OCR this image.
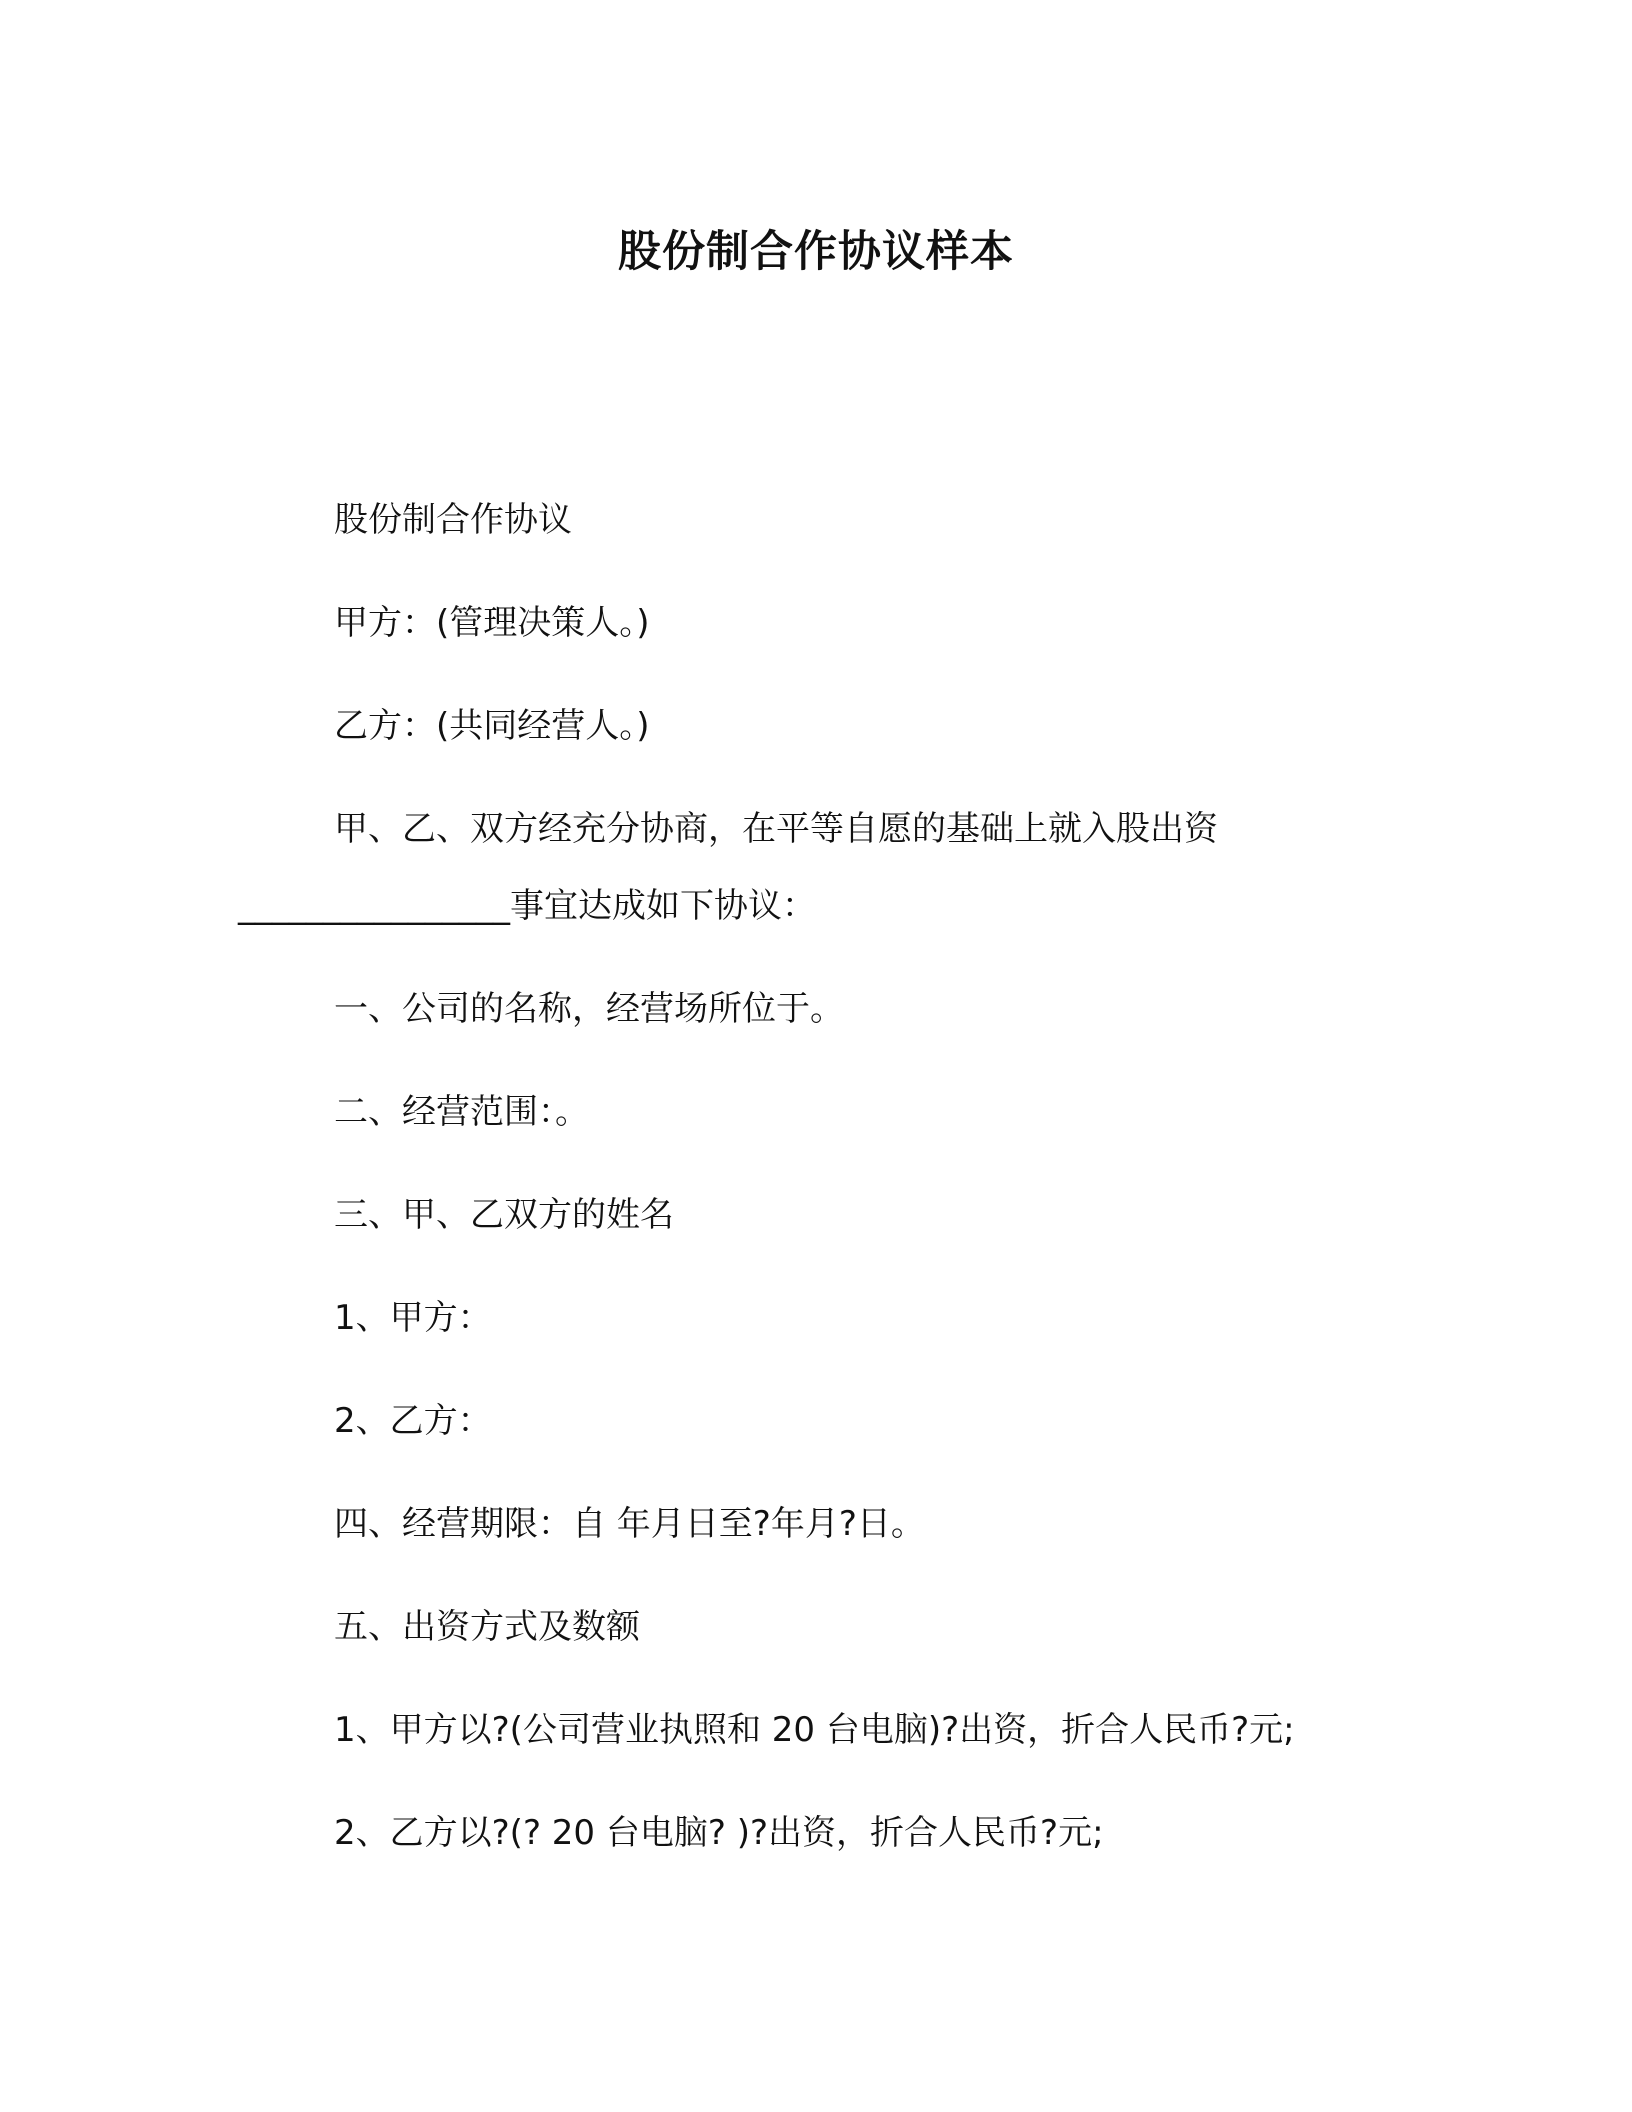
股份制合作协议样本

股份制合作协议

甲方：(管理决策人。)

乙方：(共同经营人。)

甲、乙、双方经充分协商，在平等自愿的基础上就入股出资

________________事宜达成如下协议：

一、公司的名称，经营场所位于。

二、经营范围：。

三、甲、乙双方的姓名

1、甲方：

2、乙方：

四、经营期限：自 年月日至?年月?日。

五、出资方式及数额

1、甲方以?(公司营业执照和 20 台电脑)?出资，折合人民币?元;

2、乙方以?(? 20 台电脑? )?出资，折合人民币?元;
